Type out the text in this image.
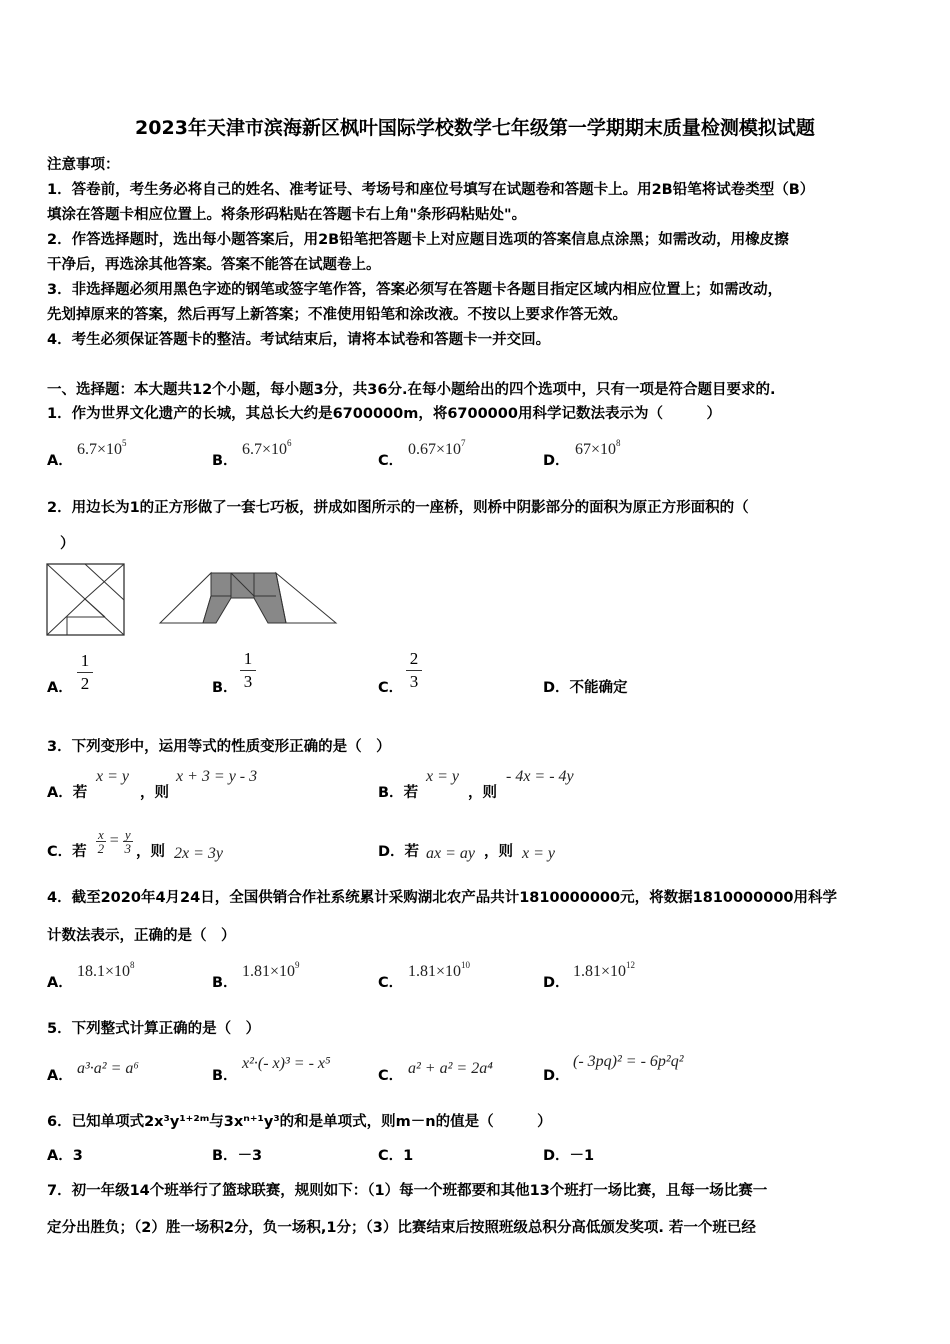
2023年天津市滨海新区枫叶国际学校数学七年级第一学期期末质量检测模拟试题
注意事项：
1．答卷前，考生务必将自己的姓名、准考证号、考场号和座位号填写在试题卷和答题卡上。用2B铅笔将试卷类型（B）
填涂在答题卡相应位置上。将条形码粘贴在答题卡右上角"条形码粘贴处"。
2．作答选择题时，选出每小题答案后，用2B铅笔把答题卡上对应题目选项的答案信息点涂黑；如需改动，用橡皮擦
干净后，再选涂其他答案。答案不能答在试题卷上。
3．非选择题必须用黑色字迹的钢笔或签字笔作答，答案必须写在答题卡各题目指定区域内相应位置上；如需改动，
先划掉原来的答案，然后再写上新答案；不准使用铅笔和涂改液。不按以上要求作答无效。
4．考生必须保证答题卡的整洁。考试结束后，请将本试卷和答题卡一并交回。
一、选择题：本大题共12个小题，每小题3分，共36分.在每小题给出的四个选项中，只有一项是符合题目要求的.
1．作为世界文化遗产的长城，其总长大约是6700000m，将6700000用科学记数法表示为（　　　）
A．
$6.7\times 10^5$
B．
$6.7\times 10^6$
C．
$0.67\times 10^7$
D．
$67\times 10^8$
2．用边长为1的正方形做了一套七巧板，拼成如图所示的一座桥，则桥中阴影部分的面积为原正方形面积的（
）
A． $\frac{1}{2}$	B． $\frac{1}{3}$	C． $\frac{2}{3}$	D．不能确定
3．下列变形中，运用等式的性质变形正确的是（　）
A．若
x = y
，则
x + 3 = y - 3
B．若
x = y
，则
- 4x = - 4y
C．若 $\frac{x}{2} = \frac{y}{3}$ ，则 2x = 3y	D．若 ax = ay ，则 x = y
4．截至2020年4月24日，全国供销合作社系统累计采购湖北农产品共计1810000000元，将数据1810000000用科学
计数法表示，正确的是（　）
A．
$18.1\times 10^8$
B．
$1.81\times 10^9$
C．
$1.81\times 10^{10}$
D．
$1.81\times 10^{12}$
5．下列整式计算正确的是（　）
A． a³·a² = a⁶	B．
x²∙(- x)³ = - x⁵
C． a² + a² = 2a⁴	D．
(- 3pq)² = - 6p²q²
6．已知单项式2x³y¹⁺²ᵐ与3xⁿ⁺¹y³的和是单项式，则m－n的值是（　　　）
A．3	B．－3	C．1	D．－1
7．初一年级14个班举行了篮球联赛，规则如下：（1）每一个班都要和其他13个班打一场比赛，且每一场比赛一
定分出胜负；（2）胜一场积2分，负一场积,1分；（3）比赛结束后按照班级总积分高低颁发奖项. 若一个班已经
